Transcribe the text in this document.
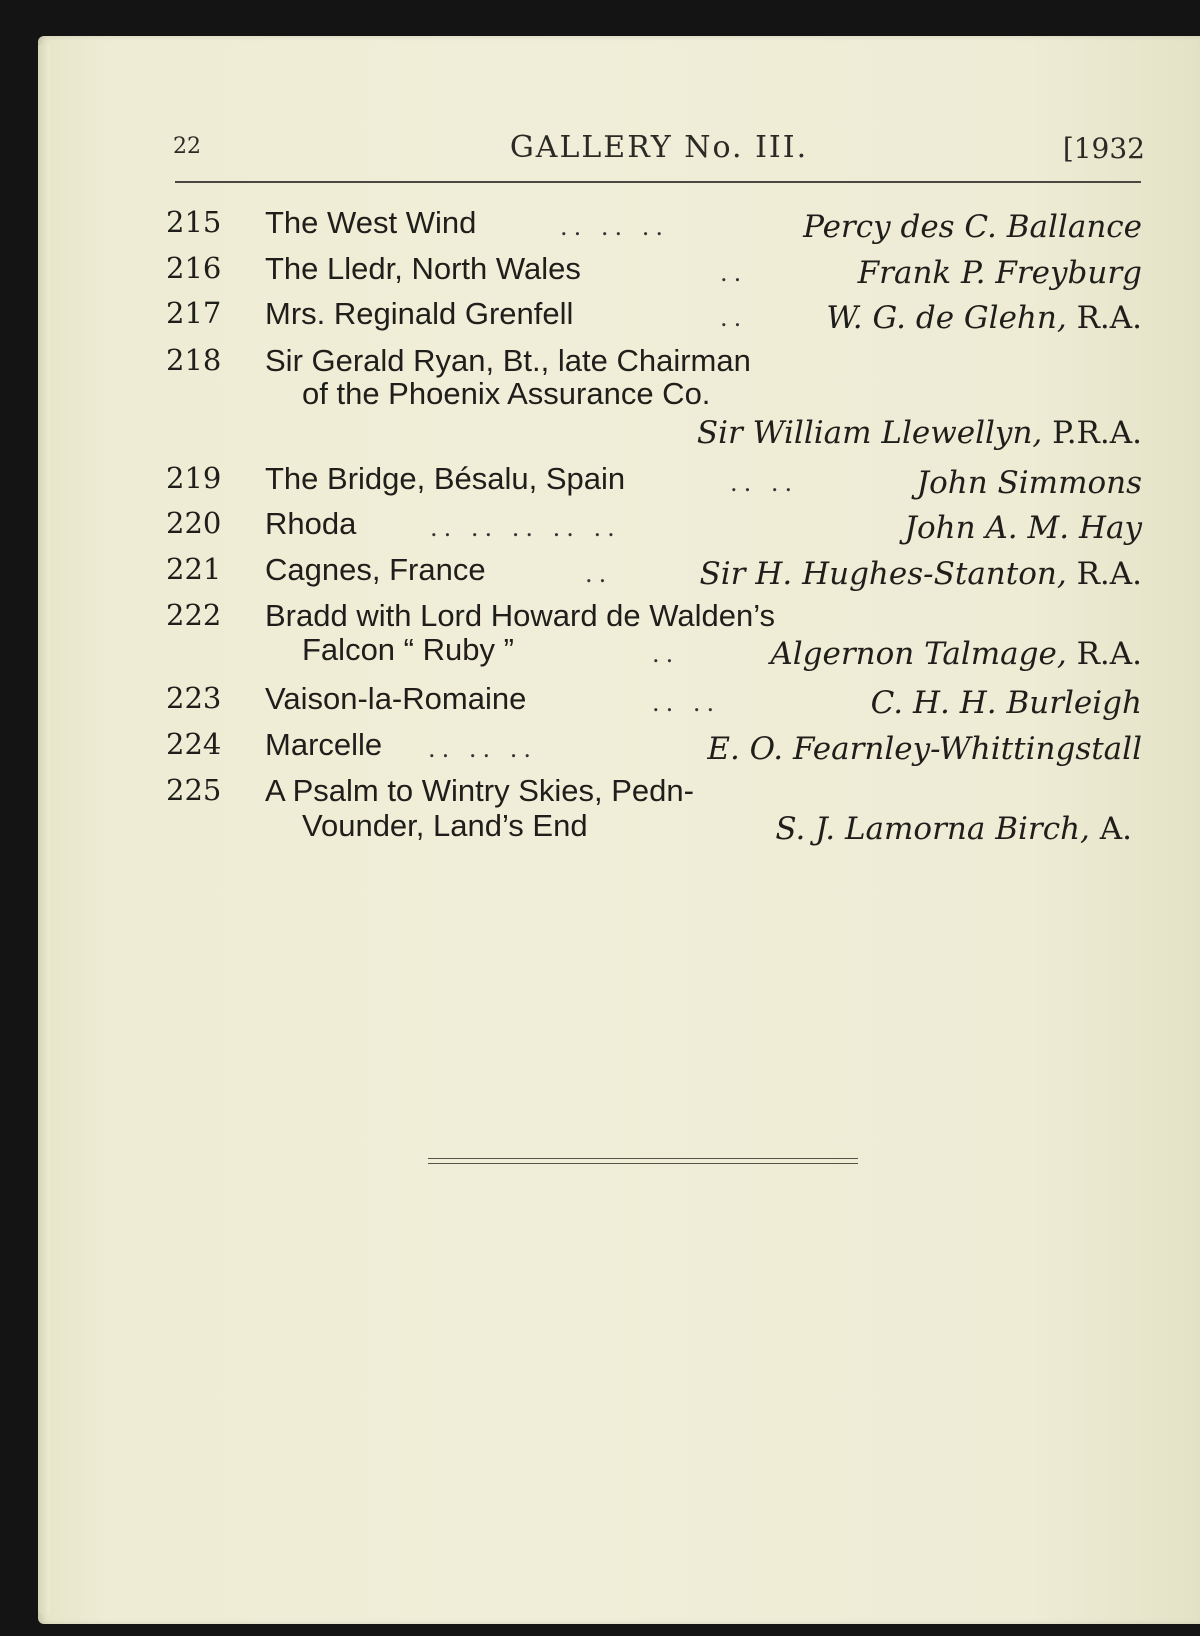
22	GALLERY No. III.	[1932
215 The West Wind	.. .. ..	Percy des C. Ballance
216 The Lledr, North Wales	..	Frank P. Freyburg
217 Mrs. Reginald Grenfell	..	W. G. de Glehn, R.A.
218 Sir Gerald Ryan, Bt., late Chairman
of the Phoenix Assurance Co.
Sir William Llewellyn, P.R.A.
219 The Bridge, Bésalu, Spain	.. ..	John Simmons
220 Rhoda	.. .. .. .. ..	John A. M. Hay
221 Cagnes, France	..	Sir H. Hughes-Stanton, R.A.
222 Bradd with Lord Howard de Walden’s
Falcon “ Ruby ”	..	Algernon Talmage, R.A.
223 Vaison-la-Romaine	.. ..	C. H. H. Burleigh
224 Marcelle .. .. ..	E. O. Fearnley-Whittingstall
225 A Psalm to Wintry Skies, Pedn-
Vounder, Land’s End	S. J. Lamorna Birch, A.
